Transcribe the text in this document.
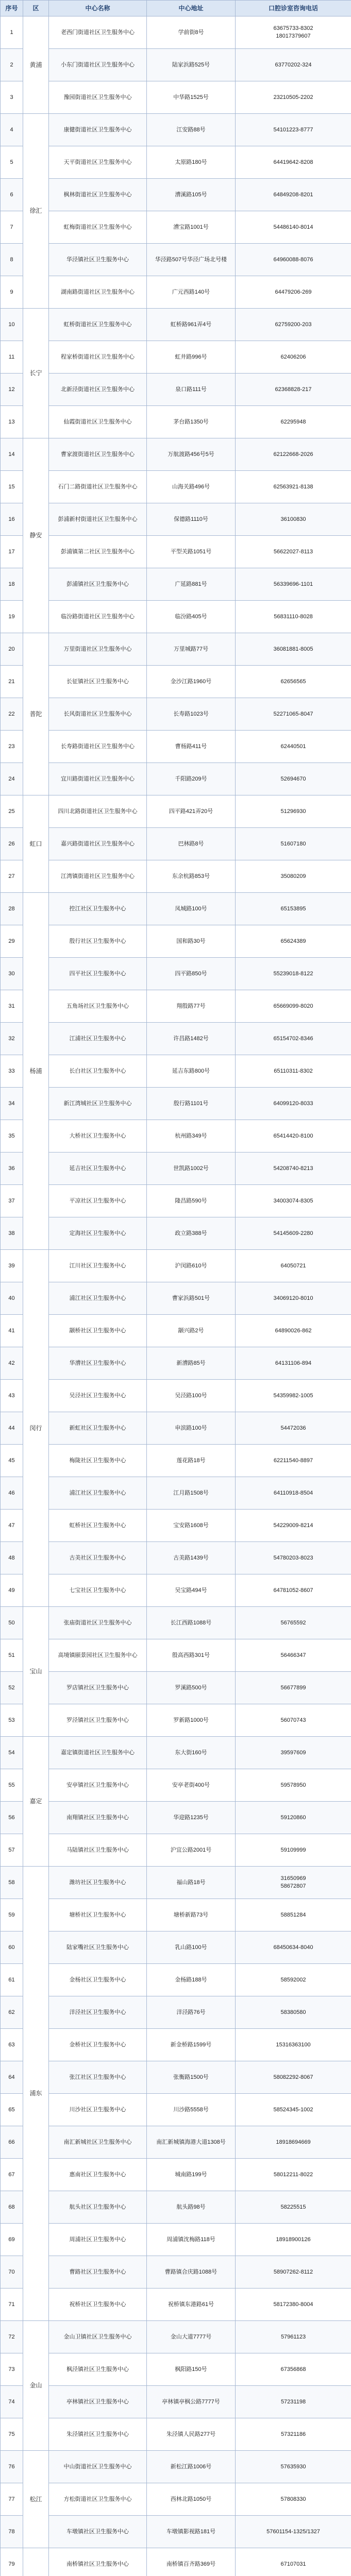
序号	区	中心名称	中心地址	口腔诊室咨询电话
1	黄浦	老西门街道社区卫生服务中心	学前街8号	63675733-8302
18017379607
2		小东门街道社区卫生服务中心	陆家浜路525号	63770202-324
3		豫园街道社区卫生服务中心	中华路1525号	23210505-2202
4	徐汇	康健街道社区卫生服务中心	江安路88号	54101223-8777
5		天平街道社区卫生服务中心	太原路180号	64419642-8208
6		枫林街道社区卫生服务中心	漕溪路105号	64849208-8201
7		虹梅街道社区卫生服务中心	漕宝路1001号	54486140-8014
8		华泾镇社区卫生服务中心	华泾路507号华泾广场北号楼	64960088-8076
9		湖南路街道社区卫生服务中心	广元西路140号	64479206-269
10	长宁	虹桥街道社区卫生服务中心	虹桥路961弄4号	62759200-203
11		程家桥街道社区卫生服务中心	虹井路996号	62406206
12		北新泾街道社区卫生服务中心	泉口路111号	62368828-217
13		仙霞街道社区卫生服务中心	茅台路1350号	62295948
14	静安	曹家渡街道社区卫生服务中心	万航渡路456号5号	62122668-2026
15		石门二路街道社区卫生服务中心	山海关路496号	62563921-8138
16		彭浦新村街道社区卫生服务中心	保德路1110号	36100830
17		彭浦镇第二社区卫生服务中心	平型关路1051号	56622027-8113
18		彭浦镇社区卫生服务中心	广延路881号	56339696-1101
19		临汾路街道社区卫生服务中心	临汾路405号	56831110-8028
20	普陀	万里街道社区卫生服务中心	万里城路77号	36081881-8005
21		长征镇社区卫生服务中心	金沙江路1960号	62656565
22		长风街道社区卫生服务中心	长寿路1023号	52271065-8047
23		长寿路街道社区卫生服务中心	曹杨路411号	62440501
24		宜川路街道社区卫生服务中心	千阳路209号	52694670
25	虹口	四川北路街道社区卫生服务中心	四平路421弄20号	51296930
26		嘉兴路街道社区卫生服务中心	巴林路8号	51607180
27		江湾镇街道社区卫生服务中心	东余杭路853号	35080209
28	杨浦	控江社区卫生服务中心	凤城路100号	65153895
29		殷行社区卫生服务中心	国和路30号	65624389
30		四平社区卫生服务中心	四平路850号	55239018-8122
31		五角场社区卫生服务中心	翔殷路77号	65669099-8020
32		江浦社区卫生服务中心	许昌路1482号	65154702-8346
33		长白社区卫生服务中心	延吉东路800号	65110311-8302
34		新江湾城社区卫生服务中心	殷行路1101号	64099120-8033
35		大桥社区卫生服务中心	杭州路349号	65414420-8100
36		延吉社区卫生服务中心	世凯路1002号	54208740-8213
37		平凉社区卫生服务中心	隆昌路590号	34003074-8305
38		定海社区卫生服务中心	政立路388号	54145609-2280
39	闵行	江川社区卫生服务中心	沪闵路610号	64050721
40		浦江社区卫生服务中心	曹家浜路501号	34069120-8010
41		颛桥社区卫生服务中心	颛兴路2号	64890026-862
42		华漕社区卫生服务中心	新漕路85号	64131106-894
43		吴泾社区卫生服务中心	吴泾路100号	54359982-1005
44		新虹社区卫生服务中心	申滨路100号	54472036
45		梅陇社区卫生服务中心	莲花路18号	62211540-8897
46		浦江社区卫生服务中心	江月路1508号	64110918-8504
47		虹桥社区卫生服务中心	宝安路1608号	54229009-8214
48		古美社区卫生服务中心	古美路1439号	54780203-8023
49		七宝社区卫生服务中心	吴宝路494号	64781052-8607
50	宝山	张庙街道社区卫生服务中心	长江西路1088号	56765592
51		高境镇颐景园社区卫生服务中心	殷高西路301号	56466347
52		罗店镇社区卫生服务中心	罗溪路500号	56677899
53		罗泾镇社区卫生服务中心	罗新路1000号	56070743
54	嘉定	嘉定镇街道社区卫生服务中心	东大街160号	39597609
55		安亭镇社区卫生服务中心	安亭老街400号	59578950
56		南翔镇社区卫生服务中心	华迎路1235号	59120860
57		马陆镇社区卫生服务中心	沪宜公路2001号	59109999
58	浦东	潍坊社区卫生服务中心	福山路18号	31650969
58672807
59		塘桥社区卫生服务中心	塘桥新路73号	58851284
60		陆家嘴社区卫生服务中心	乳山路100号	68450634-8040
61		金杨社区卫生服务中心	金杨路188号	58592002
62		洋泾社区卫生服务中心	洋泾路76号	58380580
63		金桥社区卫生服务中心	新金桥路1599号	15316363100
64		张江社区卫生服务中心	张衡路1500号	58082292-8067
65		川沙社区卫生服务中心	川沙路5558号	58524345-1002
66		南汇新城社区卫生服务中心	南汇新城镇海港大道1308号	18918694669
67		惠南社区卫生服务中心	城南路199号	58012211-8022
68		航头社区卫生服务中心	航头路98号	58225515
69		周浦社区卫生服务中心	周浦镇沈梅路118号	18918900126
70		曹路社区卫生服务中心	曹路镇合庆路1088号	58907262-8112
71		祝桥社区卫生服务中心	祝桥镇东港路61号	58172380-8004
72	金山	金山卫镇社区卫生服务中心	金山大道7777号	57961123
73		枫泾镇社区卫生服务中心	枫阳路150号	67356868
74		亭林镇社区卫生服务中心	亭林镇亭枫公路7777号	57231198
75		朱泾镇社区卫生服务中心	朱泾镇人民路277号	57321186
76	松江	中山街道社区卫生服务中心	新松江路1006号	57635930
77		方松街道社区卫生服务中心	西林北路1050号	57808330
78		车墩镇社区卫生服务中心	车墩镇影视路181号	57601154-1325/1327
79		南桥镇社区卫生服务中心	南桥镇百齐路369号	67107031
